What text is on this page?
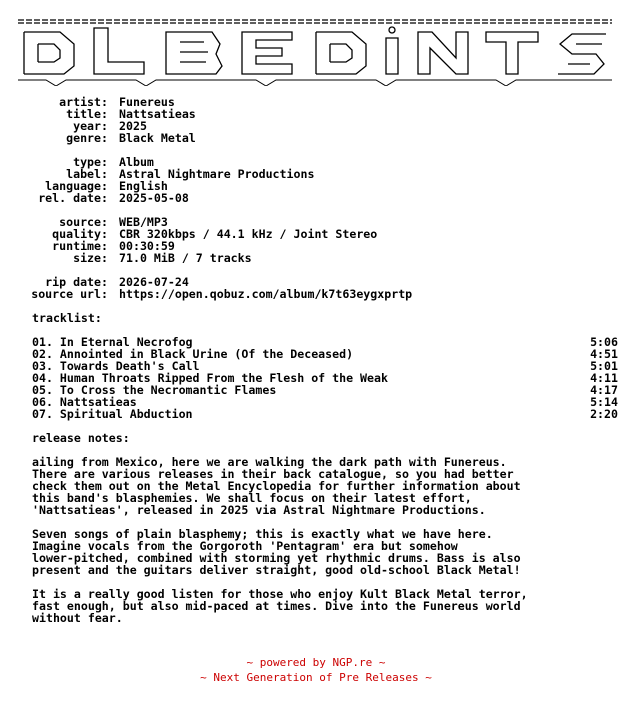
artist: Funereus
title: Nattsatieas
year: 2025
genre: Black Metal
type: Album
label: Astral Nightmare Productions
language: English
rel. date: 2025-05-08
source: WEB/MP3
quality: CBR 320kbps / 44.1 kHz / Joint Stereo
runtime: 00:30:59
size: 71.0 MiB / 7 tracks
rip date: 2026-07-24
source url: https://open.qobuz.com/album/k7t63eygxprtp
tracklist:
01. In Eternal Necrofog	5:06
02. Annointed in Black Urine (Of the Deceased)	4:51
03. Towards Death's Call	5:01
04. Human Throats Ripped From the Flesh of the Weak	4:11
05. To Cross the Necromantic Flames	4:17
06. Nattsatieas	5:14
07. Spiritual Abduction	2:20
release notes:
ailing from Mexico, here we are walking the dark path with Funereus.
There are various releases in their back catalogue, so you had better
check them out on the Metal Encyclopedia for further information about
this band's blasphemies. We shall focus on their latest effort,
'Nattsatieas', released in 2025 via Astral Nightmare Productions.
Seven songs of plain blasphemy; this is exactly what we have here.
Imagine vocals from the Gorgoroth 'Pentagram' era but somehow
lower-pitched, combined with storming yet rhythmic drums. Bass is also
present and the guitars deliver straight, good old-school Black Metal!
It is a really good listen for those who enjoy Kult Black Metal terror,
fast enough, but also mid-paced at times. Dive into the Funereus world
without fear.
~ powered by NGP.re ~
~ Next Generation of Pre Releases ~
